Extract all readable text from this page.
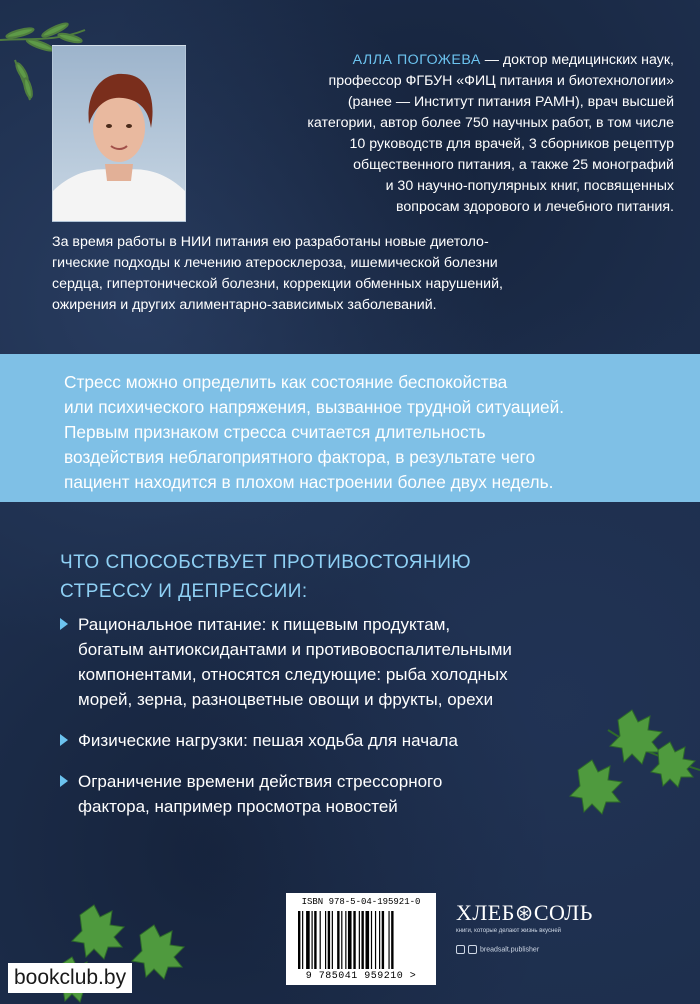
АЛЛА ПОГОЖЕВА — доктор медицинских наук,
профессор ФГБУН «ФИЦ питания и биотехнологии»
(ранее — Институт питания РАМН), врач высшей
категории, автор более 750 научных работ, в том числе
10 руководств для врачей, 3 сборников рецептур
общественного питания, а также 25 монографий
и 30 научно-популярных книг, посвященных
вопросам здорового и лечебного питания.

За время работы в НИИ питания ею разработаны новые диетоло-
гические подходы к лечению атеросклероза, ишемической болезни
сердца, гипертонической болезни, коррекции обменных нарушений,
ожирения и других алиментарно-зависимых заболеваний.

Стресс можно определить как состояние беспокойства
или психического напряжения, вызванное трудной ситуацией.
Первым признаком стресса считается длительность
воздействия неблагоприятного фактора, в результате чего
пациент находится в плохом настроении более двух недель.

ЧТО СПОСОБСТВУЕТ ПРОТИВОСТОЯНИЮ
СТРЕССУ И ДЕПРЕССИИ:
Рациональное питание: к пищевым продуктам,
богатым антиоксидантами и противовоспалительными
компонентами, относятся следующие: рыба холодных
морей, зерна, разноцветные овощи и фрукты, орехи
Физические нагрузки: пешая ходьба для начала
Ограничение времени действия стрессорного
фактора, например просмотра новостей
ISBN 978-5-04-195921-0
9 785041 959210 >
ХЛЕБ⊛СОЛЬ
книги, которые делают жизнь вкусней
breadsalt.publisher
bookclub.by
